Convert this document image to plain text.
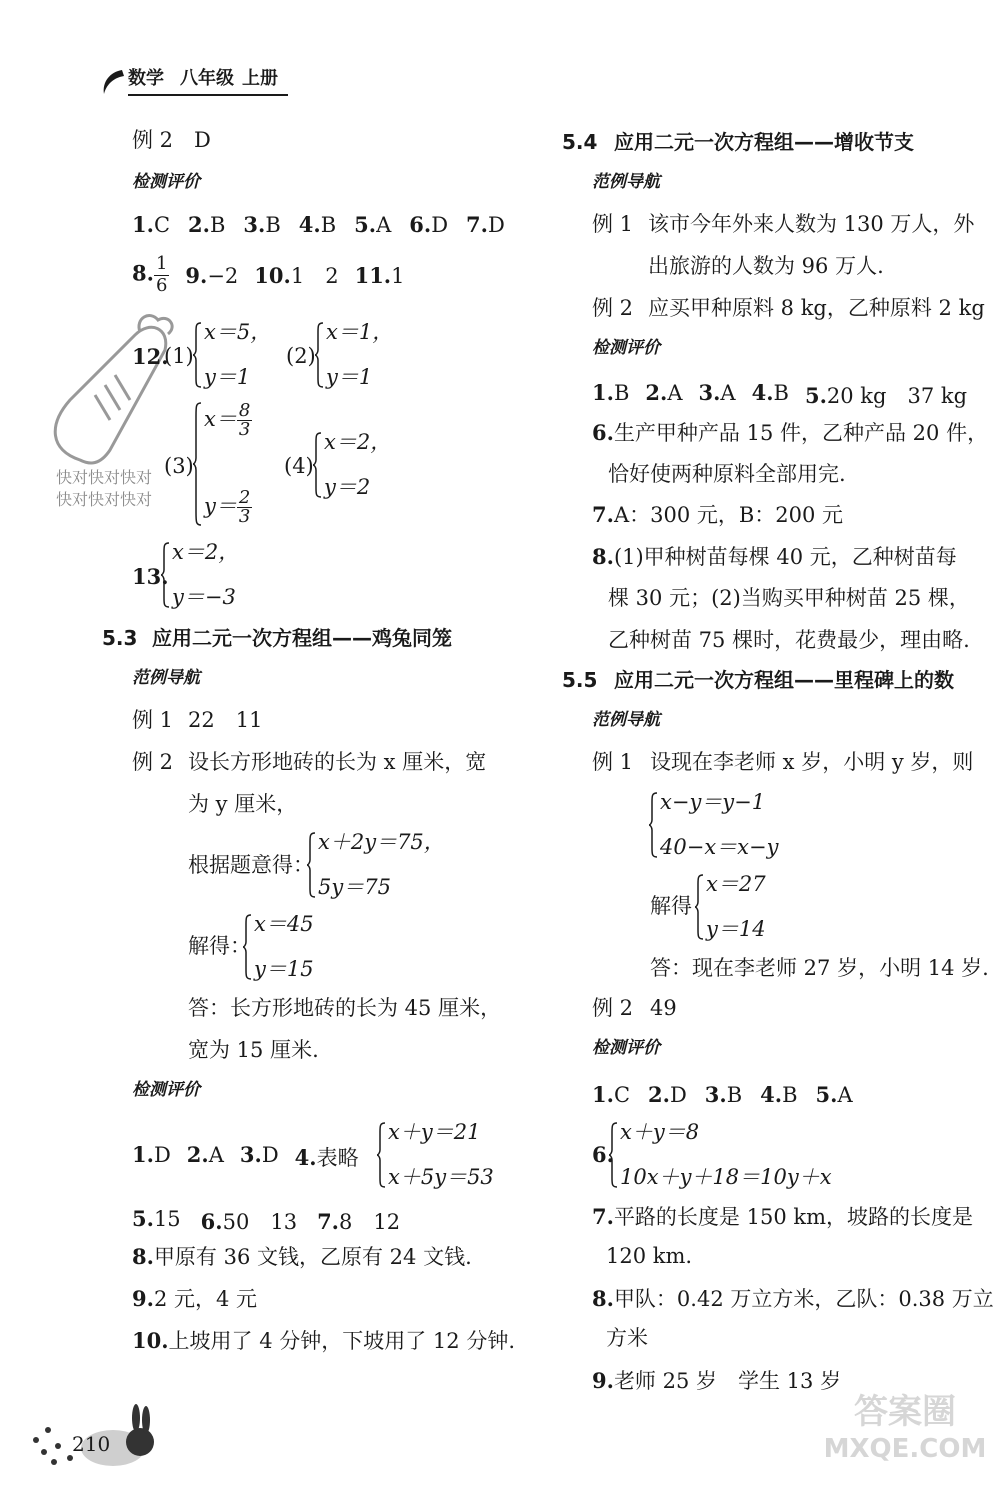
数学 八年级 上册
例 2　D
检测评价
1.C 2.B 3.B 4.B 5.A 6.D 7.D
8. $\frac{1}{6} 9.-2$ 10.1　2 11.1
快对快对快对
快对快对快对
12.
(1)
x＝5，
y＝1
(2)
x＝1，
y＝1
(3)
$x= \frac{8}{3}$
$y= \frac{2}{3}$
(4)
x＝2，
y＝2
13.
x＝2，
y＝−3
5.3 应用二元一次方程组——鸡兔同笼
范例导航
例 1 22　11
例 2 设长方形地砖的长为 x 厘米，宽
为 y 厘米，
根据题意得：
x＋2y＝75，
5y＝75
解得：
x＝45
y＝15
答：长方形地砖的长为 45 厘米，
宽为 15 厘米.
检测评价
1.D 2.A 3.D 4.表略
x＋y＝21
x＋5y＝53
5.15 6.50　13 7.8　12
8.甲原有 36 文钱，乙原有 24 文钱.
9.2 元，4 元
10.上坡用了 4 分钟，下坡用了 12 分钟.
210
5.4 应用二元一次方程组——增收节支
范例导航
例 1 该市今年外来人数为 130 万人，外
出旅游的人数为 96 万人.
例 2 应买甲种原料 8 kg，乙种原料 2 kg
检测评价
1.B 2.A 3.A 4.B 5.20 kg　37 kg
6.生产甲种产品 15 件，乙种产品 20 件，
恰好使两种原料全部用完.
7.A：300 元，B：200 元
8.(1)甲种树苗每棵 40 元，乙种树苗每
棵 30 元；(2)当购买甲种树苗 25 棵，
乙种树苗 75 棵时，花费最少，理由略.
5.5 应用二元一次方程组——里程碑上的数
范例导航
例 1 设现在李老师 x 岁，小明 y 岁，则
x−y＝y−1
40−x＝x−y
解得
x＝27
y＝14
答：现在李老师 27 岁，小明 14 岁.
例 2 49
检测评价
1.C 2.D 3.B 4.B 5.A
6.
x＋y＝8
10x＋y＋18＝10y＋x
7.平路的长度是 150 km，坡路的长度是
120 km.
8.甲队：0.42 万立方米，乙队：0.38 万立
方米
9.老师 25 岁　学生 13 岁
答案圈
MXQE.COM
